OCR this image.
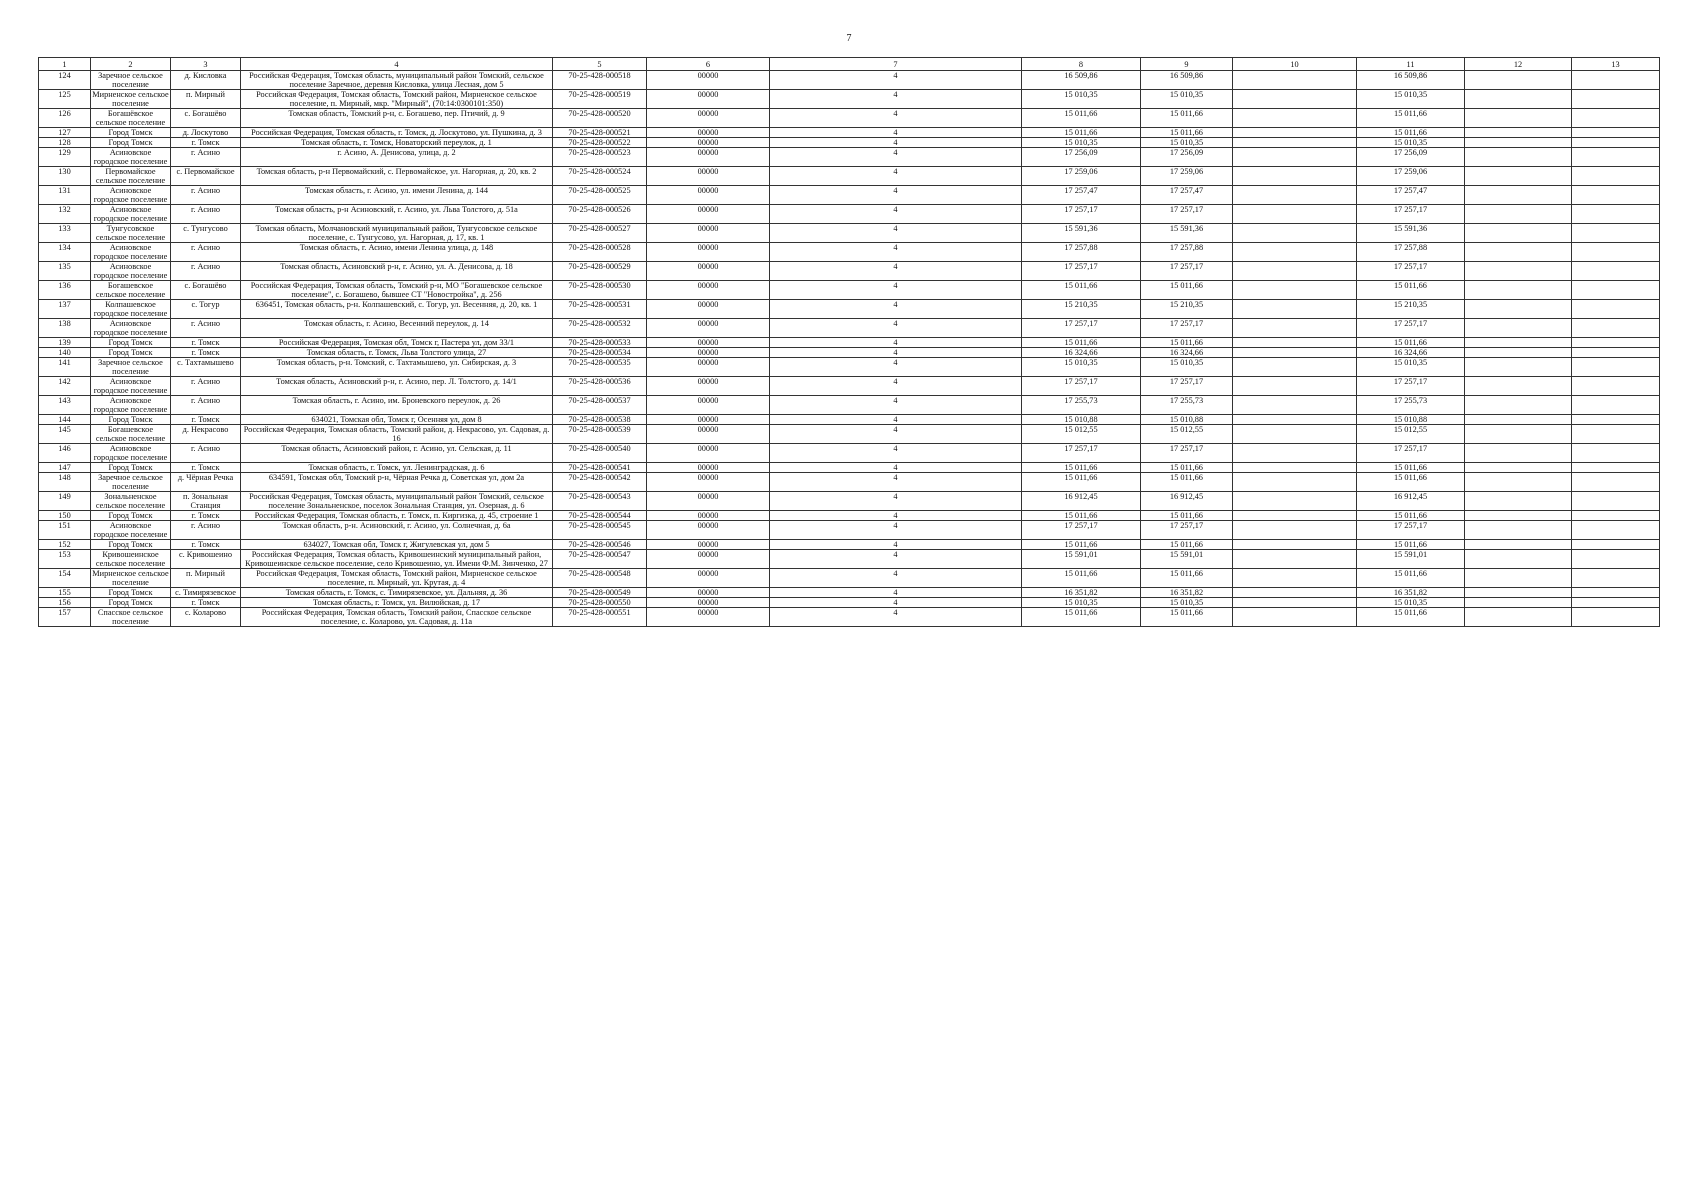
7
1	2	3	4	5	6	7	8	9	10	11	12	13
124	Заречное сельское поселение	д. Кисловка	Российская Федерация, Томская область, муниципальный район Томский, сельское поселение Заречное, деревня Кисловка, улица Лесная, дом 5	70-25-428-000518	00000	4	16 509,86	16 509,86		16 509,86		
125	Мирненское сельское поселение	п. Мирный	Российская Федерация, Томская область, Томский район, Мирненское сельское поселение, п. Мирный, мкр. "Мирный", (70:14:0300101:350)	70-25-428-000519	00000	4	15 010,35	15 010,35		15 010,35		
126	Богашёвское сельское поселение	с. Богашёво	Томская область, Томский р-н, с. Богашево, пер. Птичий, д. 9	70-25-428-000520	00000	4	15 011,66	15 011,66		15 011,66		
127	Город Томск	д. Лоскутово	Российская Федерация, Томская область, г. Томск, д. Лоскутово, ул. Пушкина, д. 3	70-25-428-000521	00000	4	15 011,66	15 011,66		15 011,66		
128	Город Томск	г. Томск	Томская область, г. Томск, Новаторский переулок, д. 1	70-25-428-000522	00000	4	15 010,35	15 010,35		15 010,35		
129	Асиновское городское поселение	г. Асино	г. Асино, А. Денисова, улица, д. 2	70-25-428-000523	00000	4	17 256,09	17 256,09		17 256,09		
130	Первомайское сельское поселение	с. Первомайское	Томская область, р-н Первомайский, с. Первомайское, ул. Нагорная, д. 20, кв. 2	70-25-428-000524	00000	4	17 259,06	17 259,06		17 259,06		
131	Асиновское городское поселение	г. Асино	Томская область, г. Асино, ул. имени Ленина, д. 144	70-25-428-000525	00000	4	17 257,47	17 257,47		17 257,47		
132	Асиновское городское поселение	г. Асино	Томская область, р-н Асиновский, г. Асино, ул. Льва Толстого, д. 51а	70-25-428-000526	00000	4	17 257,17	17 257,17		17 257,17		
133	Тунгусовское сельское поселение	с. Тунгусово	Томская область, Молчановский муниципальный район, Тунгусовское сельское поселение, с. Тунгусово, ул. Нагорная, д. 17, кв. 1	70-25-428-000527	00000	4	15 591,36	15 591,36		15 591,36		
134	Асиновское городское поселение	г. Асино	Томская область, г. Асино, имени Ленина улица, д. 148	70-25-428-000528	00000	4	17 257,88	17 257,88		17 257,88		
135	Асиновское городское поселение	г. Асино	Томская область, Асиновский р-н, г. Асино, ул. А. Денисова, д. 18	70-25-428-000529	00000	4	17 257,17	17 257,17		17 257,17		
136	Богашевское сельское поселение	с. Богашёво	Российская Федерация, Томская область, Томский р-н, МО "Богашевское сельское поселение", с. Богашево, бывшее СТ "Новостройка", д. 256	70-25-428-000530	00000	4	15 011,66	15 011,66		15 011,66		
137	Колпашевское городское поселение	с. Тогур	636451, Томская область, р-н. Колпашевский, с. Тогур, ул. Весенняя, д. 20, кв. 1	70-25-428-000531	00000	4	15 210,35	15 210,35		15 210,35		
138	Асиновское городское поселение	г. Асино	Томская область, г. Асино, Весенний переулок, д. 14	70-25-428-000532	00000	4	17 257,17	17 257,17		17 257,17		
139	Город Томск	г. Томск	Российская Федерация, Томская обл, Томск г, Пастера ул, дом 33/1	70-25-428-000533	00000	4	15 011,66	15 011,66		15 011,66		
140	Город Томск	г. Томск	Томская область, г. Томск, Льва Толстого улица, 27	70-25-428-000534	00000	4	16 324,66	16 324,66		16 324,66		
141	Заречное сельское поселение	с. Тахтамышево	Томская область, р-н. Томский, с. Тахтамышево, ул. Сибирская, д. 3	70-25-428-000535	00000	4	15 010,35	15 010,35		15 010,35		
142	Асиновское городское поселение	г. Асино	Томская область, Асиновский р-н, г. Асино, пер. Л. Толстого, д. 14/1	70-25-428-000536	00000	4	17 257,17	17 257,17		17 257,17		
143	Асиновское городское поселение	г. Асино	Томская область, г. Асино, им. Броневского переулок, д. 26	70-25-428-000537	00000	4	17 255,73	17 255,73		17 255,73		
144	Город Томск	г. Томск	634021, Томская обл, Томск г, Осенняя ул, дом 8	70-25-428-000538	00000	4	15 010,88	15 010,88		15 010,88		
145	Богашевское сельское поселение	д. Некрасово	Российская Федерация, Томская область, Томский район, д. Некрасово, ул. Садовая, д. 16	70-25-428-000539	00000	4	15 012,55	15 012,55		15 012,55		
146	Асиновское городское поселение	г. Асино	Томская область, Асиновский район, г. Асино, ул. Сельская, д. 11	70-25-428-000540	00000	4	17 257,17	17 257,17		17 257,17		
147	Город Томск	г. Томск	Томская область, г. Томск, ул. Ленинградская, д. 6	70-25-428-000541	00000	4	15 011,66	15 011,66		15 011,66		
148	Заречное сельское поселение	д. Чёрная Речка	634591, Томская обл, Томский р-н, Чёрная Речка д, Советская ул, дом 2а	70-25-428-000542	00000	4	15 011,66	15 011,66		15 011,66		
149	Зональненское сельское поселение	п. Зональная Станция	Российская Федерация, Томская область, муниципальный район Томский, сельское поселение Зональненское, поселок Зональная Станция, ул. Озерная, д. 6	70-25-428-000543	00000	4	16 912,45	16 912,45		16 912,45		
150	Город Томск	г. Томск	Российская Федерация, Томская область, г. Томск, п. Киргизка, д. 45, строение 1	70-25-428-000544	00000	4	15 011,66	15 011,66		15 011,66		
151	Асиновское городское поселение	г. Асино	Томская область, р-н. Асиновский, г. Асино, ул. Солнечная, д. 6а	70-25-428-000545	00000	4	17 257,17	17 257,17		17 257,17		
152	Город Томск	г. Томск	634027, Томская обл, Томск г, Жигулевская ул, дом 5	70-25-428-000546	00000	4	15 011,66	15 011,66		15 011,66		
153	Кривошеинское сельское поселение	с. Кривошеино	Российская Федерация, Томская область, Кривошеинский муниципальный район, Кривошеинское сельское поселение, село Кривошеино, ул. Имени Ф.М. Зинченко, 27	70-25-428-000547	00000	4	15 591,01	15 591,01		15 591,01		
154	Мирненское сельское поселение	п. Мирный	Российская Федерация, Томская область, Томский район, Мирненское сельское поселение, п. Мирный, ул. Крутая, д. 4	70-25-428-000548	00000	4	15 011,66	15 011,66		15 011,66		
155	Город Томск	с. Тимирязевское	Томская область, г. Томск, с. Тимирязевское, ул. Дальняя, д. 36	70-25-428-000549	00000	4	16 351,82	16 351,82		16 351,82		
156	Город Томск	г. Томск	Томская область, г. Томск, ул. Вилюйская, д. 17	70-25-428-000550	00000	4	15 010,35	15 010,35		15 010,35		
157	Спасское сельское поселение	с. Коларово	Российская Федерация, Томская область, Томский район, Спасское сельское поселение, с. Коларово, ул. Садовая, д. 11а	70-25-428-000551	00000	4	15 011,66	15 011,66		15 011,66		
